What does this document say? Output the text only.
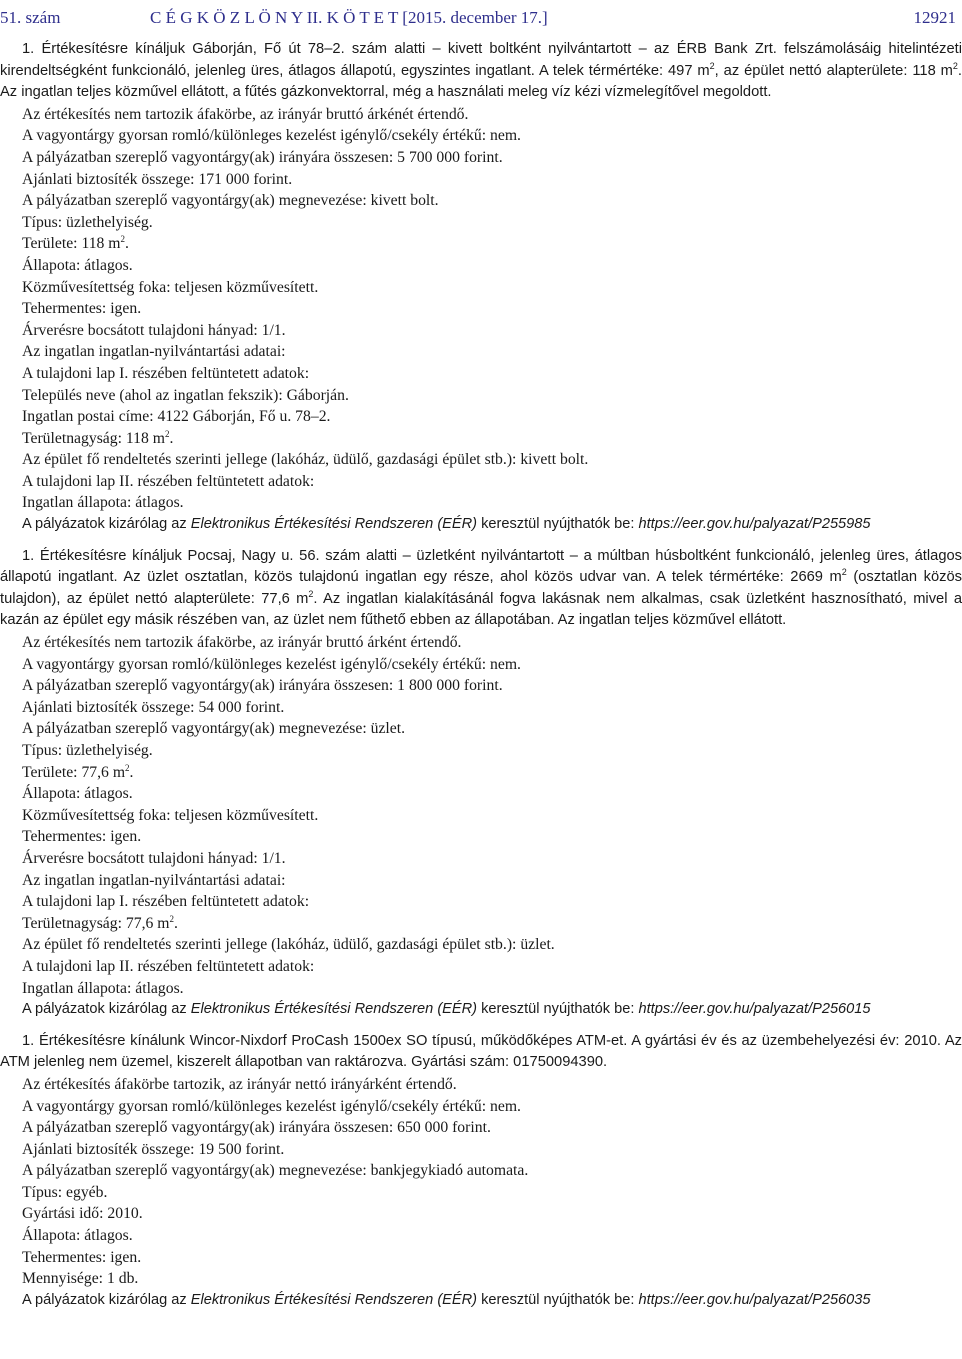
51. szám	C É G K Ö Z L Ö N Y II. K Ö T E T [2015. december 17.]	12921

1. Értékesítésre kínáljuk Gáborján, Fő út 78–2. szám alatti – kivett boltként nyilvántartott – az ÉRB Bank Zrt. felszámolásáig hitelintézeti kirendeltségként funkcionáló, jelenleg üres, átlagos állapotú, egyszintes ingatlant. A telek térmértéke: 497 $m^2$, az épület nettó alapterülete: 118 $m^2$. Az ingatlan teljes közművel ellátott, a fűtés gázkonvektorral, még a használati meleg víz kézi vízmelegítővel megoldott.

Az értékesítés nem tartozik áfakörbe, az irányár bruttó árkénét értendő.

A vagyontárgy gyorsan romló/különleges kezelést igénylő/csekély értékű: nem.

A pályázatban szereplő vagyontárgy(ak) irányára összesen: 5 700 000 forint.

Ajánlati biztosíték összege: 171 000 forint.

A pályázatban szereplő vagyontárgy(ak) megnevezése: kivett bolt.

Típus: üzlethelyiség.

Területe: 118 $m^2$.

Állapota: átlagos.

Közművesítettség foka: teljesen közművesített.

Tehermentes: igen.

Árverésre bocsátott tulajdoni hányad: 1/1.

Az ingatlan ingatlan-nyilvántartási adatai:

A tulajdoni lap I. részében feltüntetett adatok:

Település neve (ahol az ingatlan fekszik): Gáborján.

Ingatlan postai címe: 4122 Gáborján, Fő u. 78–2.

Területnagyság: 118 $m^2$.

Az épület fő rendeltetés szerinti jellege (lakóház, üdülő, gazdasági épület stb.): kivett bolt.

A tulajdoni lap II. részében feltüntetett adatok:

Ingatlan állapota: átlagos.

A pályázatok kizárólag az Elektronikus Értékesítési Rendszeren (EÉR) keresztül nyújthatók be: https://eer.gov.hu/palyazat/P255985

1. Értékesítésre kínáljuk Pocsaj, Nagy u. 56. szám alatti – üzletként nyilvántartott – a múltban húsboltként funkcionáló, jelenleg üres, átlagos állapotú ingatlant. Az üzlet osztatlan, közös tulajdonú ingatlan egy része, ahol közös udvar van. A telek térmértéke: 2669 $m^2$ (osztatlan közös tulajdon), az épület nettó alapterülete: 77,6 $m^2$. Az ingatlan kialakításánál fogva lakásnak nem alkalmas, csak üzletként hasznosítható, mivel a kazán az épület egy másik részében van, az üzlet nem fűthető ebben az állapotában. Az ingatlan teljes közművel ellátott.

Az értékesítés nem tartozik áfakörbe, az irányár bruttó árként értendő.

A vagyontárgy gyorsan romló/különleges kezelést igénylő/csekély értékű: nem.

A pályázatban szereplő vagyontárgy(ak) irányára összesen: 1 800 000 forint.

Ajánlati biztosíték összege: 54 000 forint.

A pályázatban szereplő vagyontárgy(ak) megnevezése: üzlet.

Típus: üzlethelyiség.

Területe: 77,6 $m^2$.

Állapota: átlagos.

Közművesítettség foka: teljesen közművesített.

Tehermentes: igen.

Árverésre bocsátott tulajdoni hányad: 1/1.

Az ingatlan ingatlan-nyilvántartási adatai:

A tulajdoni lap I. részében feltüntetett adatok:

Területnagyság: 77,6 $m^2$.

Az épület fő rendeltetés szerinti jellege (lakóház, üdülő, gazdasági épület stb.): üzlet.

A tulajdoni lap II. részében feltüntetett adatok:

Ingatlan állapota: átlagos.

A pályázatok kizárólag az Elektronikus Értékesítési Rendszeren (EÉR) keresztül nyújthatók be: https://eer.gov.hu/palyazat/P256015

1. Értékesítésre kínálunk Wincor-Nixdorf ProCash 1500ex SO típusú, működőképes ATM-et. A gyártási év és az üzembehelyezési év: 2010. Az ATM jelenleg nem üzemel, kiszerelt állapotban van raktározva. Gyártási szám: 01750094390.

Az értékesítés áfakörbe tartozik, az irányár nettó irányárként értendő.

A vagyontárgy gyorsan romló/különleges kezelést igénylő/csekély értékű: nem.

A pályázatban szereplő vagyontárgy(ak) irányára összesen: 650 000 forint.

Ajánlati biztosíték összege: 19 500 forint.

A pályázatban szereplő vagyontárgy(ak) megnevezése: bankjegykiadó automata.

Típus: egyéb.

Gyártási idő: 2010.

Állapota: átlagos.

Tehermentes: igen.

Mennyisége: 1 db.

A pályázatok kizárólag az Elektronikus Értékesítési Rendszeren (EÉR) keresztül nyújthatók be: https://eer.gov.hu/palyazat/P256035
